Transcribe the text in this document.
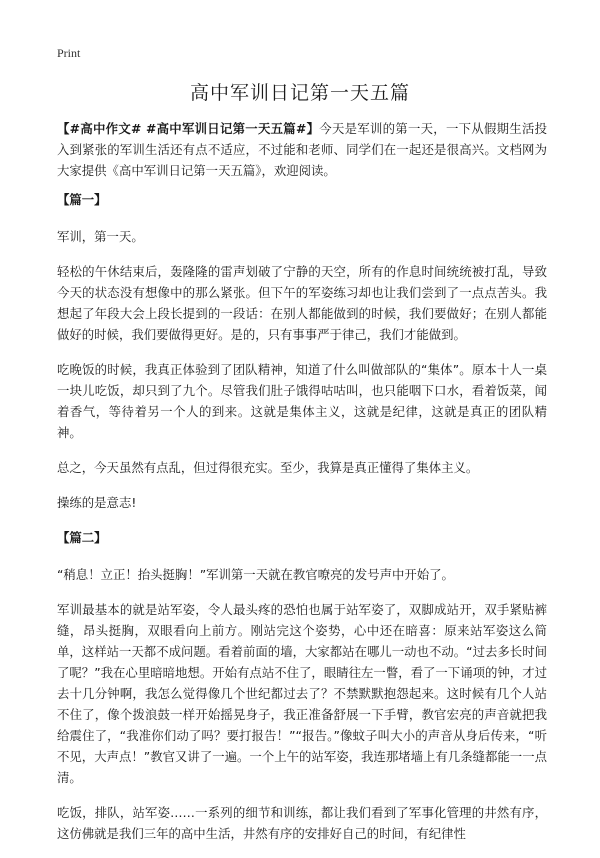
Print
高中军训日记第一天五篇

【#高中作文# #高中军训日记第一天五篇#】今天是军训的第一天，一下从假期生活投入到紧张的军训生活还有点不适应，不过能和老师、同学们在一起还是很高兴。文档网为大家提供《高中军训日记第一天五篇》，欢迎阅读。

【篇一】

军训，第一天。

轻松的午休结束后，轰隆隆的雷声划破了宁静的天空，所有的作息时间统统被打乱，导致今天的状态没有想像中的那么紧张。但下午的军姿练习却也让我们尝到了一点点苦头。我想起了年段大会上段长提到的一段话：在别人都能做到的时候，我们要做好；在别人都能做好的时候，我们要做得更好。是的，只有事事严于律己，我们才能做到。

吃晚饭的时候，我真正体验到了团队精神，知道了什么叫做部队的“集体”。原本十人一桌一块儿吃饭，却只到了九个。尽管我们肚子饿得咕咕叫，也只能咽下口水，看着饭菜，闻着香气，等待着另一个人的到来。这就是集体主义，这就是纪律，这就是真正的团队精神。

总之，今天虽然有点乱，但过得很充实。至少，我算是真正懂得了集体主义。

操练的是意志!

【篇二】

“稍息！立正！抬头挺胸！”军训第一天就在教官嘹亮的发号声中开始了。

军训最基本的就是站军姿，令人最头疼的恐怕也属于站军姿了，双脚成站开，双手紧贴裤缝，昂头挺胸，双眼看向上前方。刚站完这个姿势，心中还在暗喜：原来站军姿这么简单，这样站一天都不成问题。看着前面的墙，大家都站在哪儿一动也不动。“过去多长时间了呢？”我在心里暗暗地想。开始有点站不住了，眼睛往左一瞥，看了一下诵项的钟，才过去十几分钟啊，我怎么觉得像几个世纪都过去了？不禁默默抱怨起来。这时候有几个人站不住了，像个拨浪鼓一样开始摇晃身子，我正准备舒展一下手臂，教官宏亮的声音就把我给震住了，“我准你们动了吗？要打报告！”“报告。”像蚊子叫大小的声音从身后传来，“听不见，大声点！”教官又讲了一遍。一个上午的站军姿，我连那堵墙上有几条缝都能一一点清。

吃饭，排队，站军姿……一系列的细节和训练，都让我们看到了军事化管理的井然有序，这仿佛就是我们三年的高中生活，井然有序的安排好自己的时间，有纪律性
